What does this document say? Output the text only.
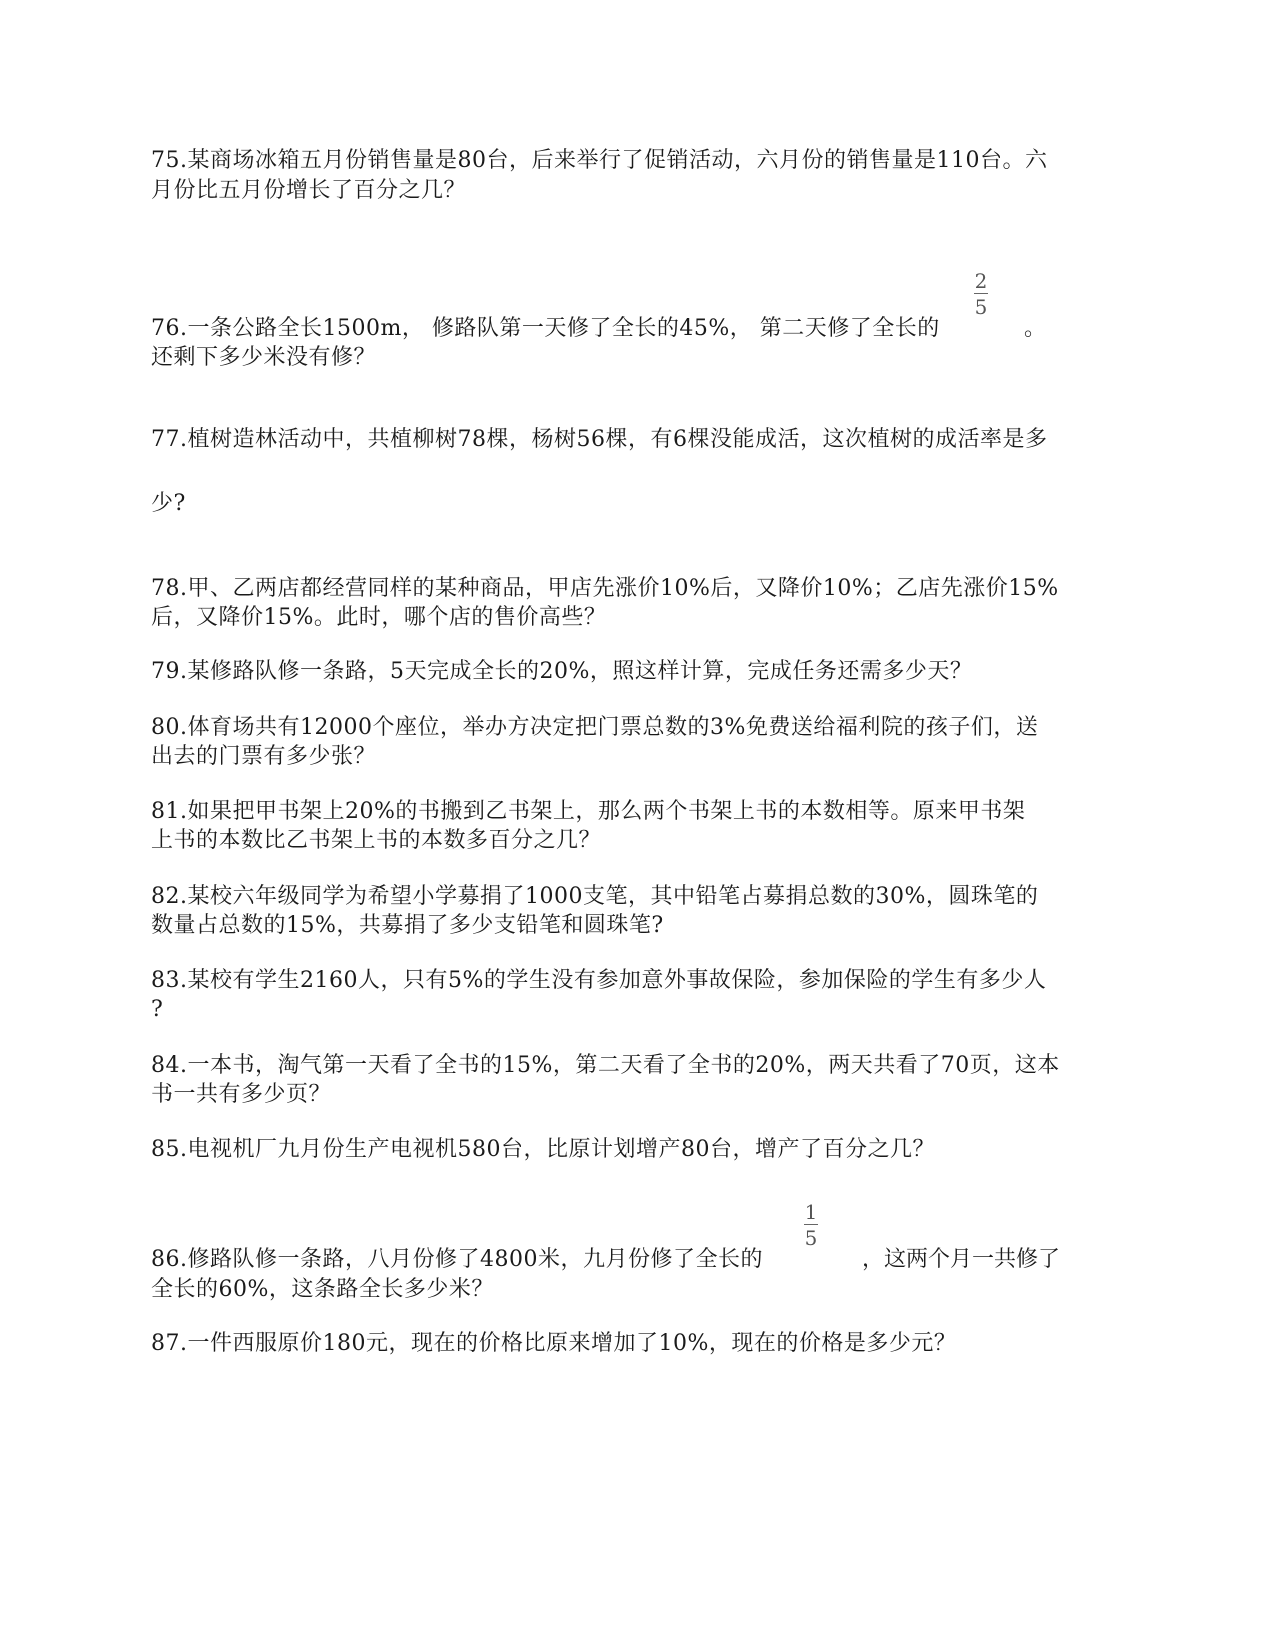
75.某商场冰箱五月份销售量是80台，后来举行了促销活动，六月份的销售量是110台。六
月份比五月份增长了百分之几？
2
5
76.一条公路全长1500m， 修路队第一天修了全长的45%， 第二天修了全长的	。
还剩下多少米没有修？
77.植树造林活动中，共植柳树78棵，杨树56棵，有6棵没能成活，这次植树的成活率是多
少?
78.甲、乙两店都经营同样的某种商品，甲店先涨价10%后，又降价10%；乙店先涨价15%
后，又降价15%。此时，哪个店的售价高些？
79.某修路队修一条路，5天完成全长的20%，照这样计算，完成任务还需多少天？
80.体育场共有12000个座位，举办方决定把门票总数的3%免费送给福利院的孩子们，送
出去的门票有多少张？
81.如果把甲书架上20%的书搬到乙书架上，那么两个书架上书的本数相等。原来甲书架
上书的本数比乙书架上书的本数多百分之几？
82.某校六年级同学为希望小学募捐了1000支笔，其中铅笔占募捐总数的30%，圆珠笔的
数量占总数的15%，共募捐了多少支铅笔和圆珠笔?
83.某校有学生2160人，只有5%的学生没有参加意外事故保险，参加保险的学生有多少人
?
84.一本书，淘气第一天看了全书的15%，第二天看了全书的20%，两天共看了70页，这本
书一共有多少页？
85.电视机厂九月份生产电视机580台，比原计划增产80台，增产了百分之几？
1
5
86.修路队修一条路，八月份修了4800米，九月份修了全长的	，这两个月一共修了
全长的60%，这条路全长多少米？
87.一件西服原价180元，现在的价格比原来增加了10%，现在的价格是多少元？
